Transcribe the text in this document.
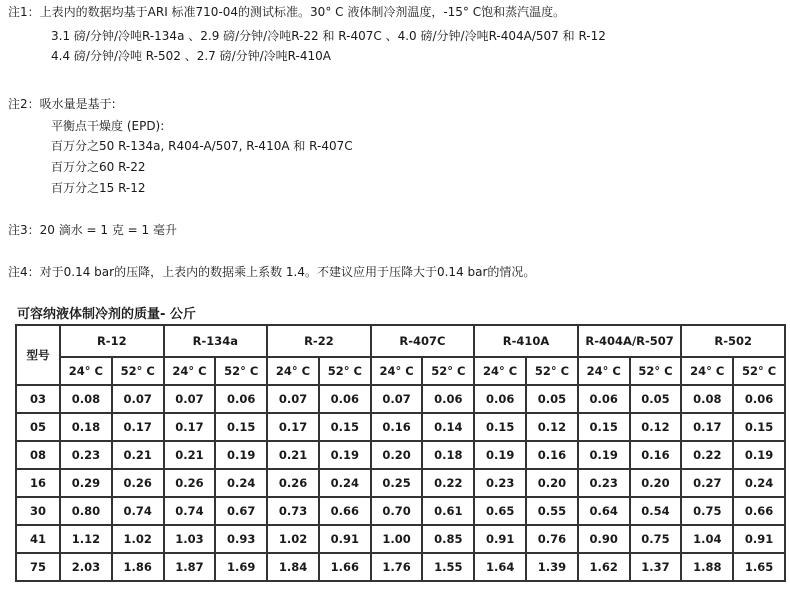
注1：上表内的数据均基于ARI 标准710-04的测试标准。30° C 液体制冷剂温度，-15° C饱和蒸汽温度。
3.1 磅/分钟/冷吨R-134a 、2.9 磅/分钟/冷吨R-22 和 R-407C 、4.0 磅/分钟/冷吨R-404A/507 和 R-12
4.4 磅/分钟/冷吨 R-502 、2.7 磅/分钟/冷吨R-410A
注2：吸水量是基于:
平衡点干燥度 (EPD):
百万分之50 R-134a, R404-A/507, R-410A 和 R-407C
百万分之60 R-22
百万分之15 R-12
注3：20 滴水 = 1 克 = 1 毫升
注4：对于0.14 bar的压降，上表内的数据乘上系数 1.4。不建议应用于压降大于0.14 bar的情况。
可容纳液体制冷剂的质量- 公斤
型号	R-12		R-134a		R-22		R-407C		R-410A		R-404A/R-507		R-502	
	24° C	52° C	24° C	52° C	24° C	52° C	24° C	52° C	24° C	52° C	24° C	52° C	24° C	52° C
03	0.08	0.07	0.07	0.06	0.07	0.06	0.07	0.06	0.06	0.05	0.06	0.05	0.08	0.06
05	0.18	0.17	0.17	0.15	0.17	0.15	0.16	0.14	0.15	0.12	0.15	0.12	0.17	0.15
08	0.23	0.21	0.21	0.19	0.21	0.19	0.20	0.18	0.19	0.16	0.19	0.16	0.22	0.19
16	0.29	0.26	0.26	0.24	0.26	0.24	0.25	0.22	0.23	0.20	0.23	0.20	0.27	0.24
30	0.80	0.74	0.74	0.67	0.73	0.66	0.70	0.61	0.65	0.55	0.64	0.54	0.75	0.66
41	1.12	1.02	1.03	0.93	1.02	0.91	1.00	0.85	0.91	0.76	0.90	0.75	1.04	0.91
75	2.03	1.86	1.87	1.69	1.84	1.66	1.76	1.55	1.64	1.39	1.62	1.37	1.88	1.65
